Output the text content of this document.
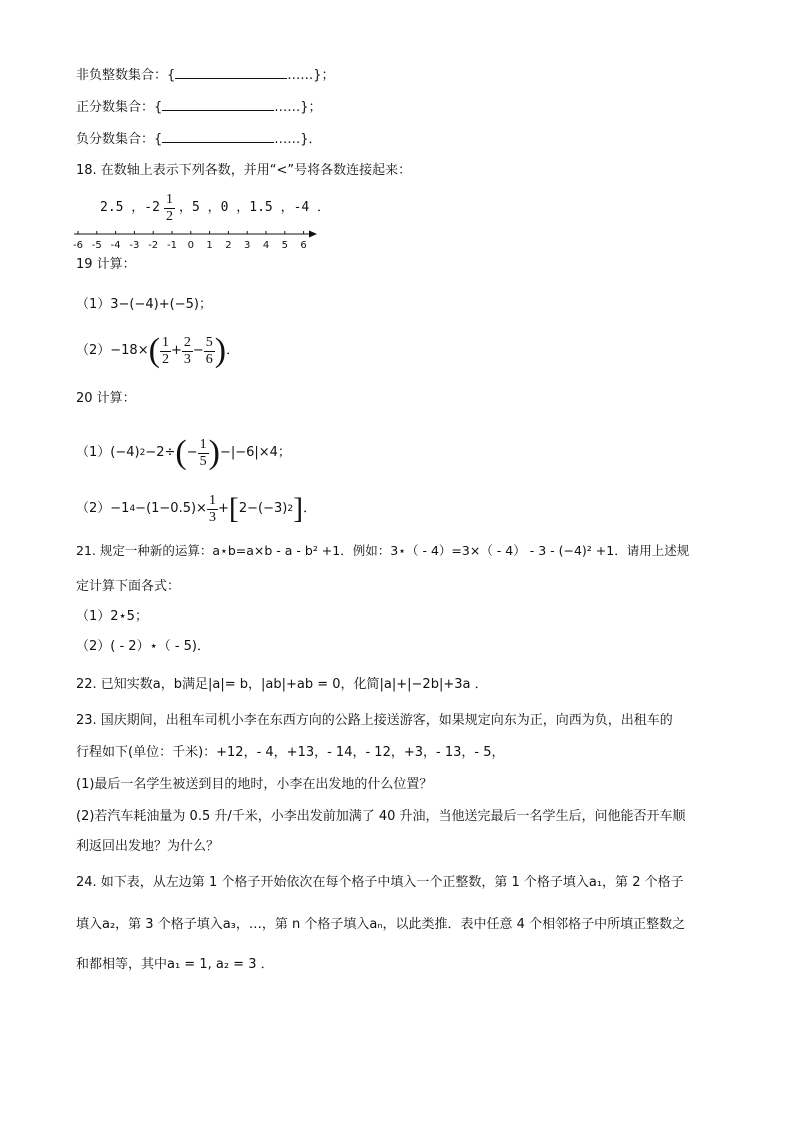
非负整数集合：{	……}；
正分数集合：{	……}；
负分数集合：{	……}．
18. 在数轴上表示下列各数，并用“<”号将各数连接起来：
2.5 ，$-2 \frac{1}{2}$ ，5 ，0 ，1.5 ，-4 ．
-6 -5 -4 -3 -2 -1 0 1 2 3 4 5 6
19 计算：
（1）3−(−4)+(−5)；
（2）−18× ( $\frac{1}{2} + \frac{2}{3} - \frac{5}{6}$ ) ．
20 计算：
（1）(−4) 2 −2÷ ( − $\frac{1}{5}$ ) −|−6|×4；
（2）−1 $4 -(1-0.5)\times \frac{1}{3}$ + [ 2−(−3) 2 ] ．
21. 规定一种新的运算：a⋆b=a×b - a - b² +1．例如：3⋆（ - 4）=3×（ - 4） - 3 - (−4)² +1．请用上述规
定计算下面各式：
（1）2⋆5；
（2）( - 2）⋆（ - 5)．
22. 已知实数a，b满足|a|= b，|ab|+ab = 0，化简|a|+|−2b|+3a ．
23. 国庆期间，出租车司机小李在东西方向的公路上接送游客，如果规定向东为正，向西为负，出租车的
行程如下(单位：千米)：+12，- 4，+13，- 14，- 12，+3，- 13，- 5，
(1)最后一名学生被送到目的地时，小李在出发地的什么位置？
(2)若汽车耗油量为 0.5 升/千米，小李出发前加满了 40 升油，当他送完最后一名学生后，问他能否开车顺
利返回出发地？为什么？
24. 如下表，从左边第 1 个格子开始依次在每个格子中填入一个正整数，第 1 个格子填入a₁，第 2 个格子
填入a₂，第 3 个格子填入a₃，…，第 n 个格子填入aₙ，以此类推．表中任意 4 个相邻格子中所填正整数之
和都相等，其中a₁ = 1, a₂ = 3 ．
